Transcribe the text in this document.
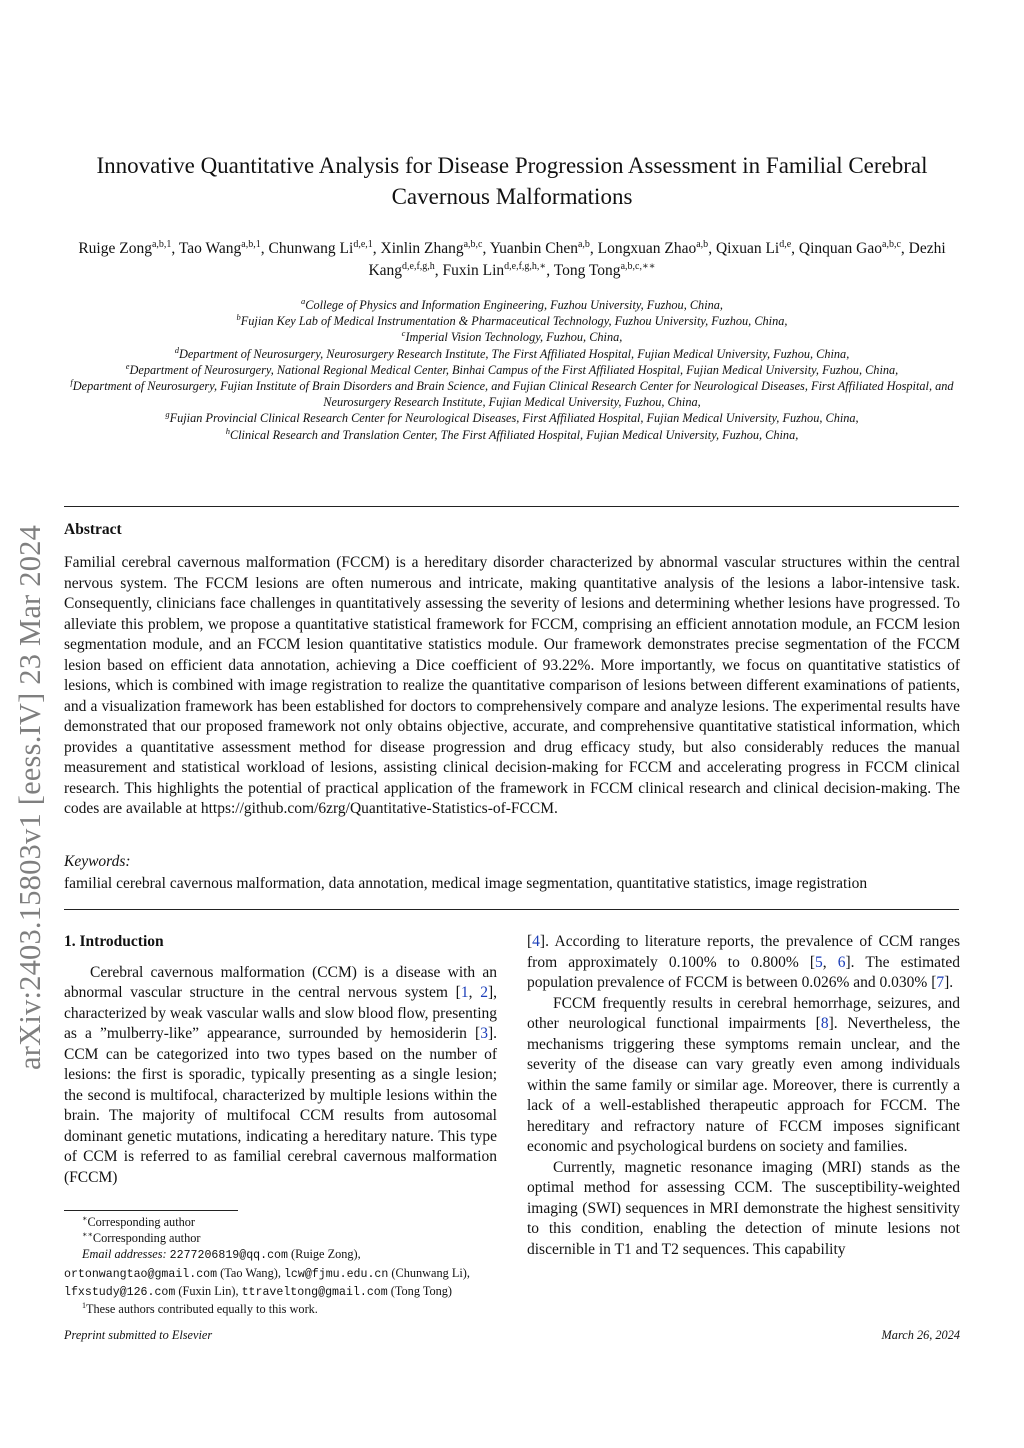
arXiv:2403.15803v1 [eess.IV] 23 Mar 2024
Innovative Quantitative Analysis for Disease Progression Assessment in Familial Cerebral Cavernous Malformations
Ruige Zong$^{a,b,1}$, Tao Wang$^{a,b,1}$, Chunwang Li$^{d,e,1}$, Xinlin Zhang$^{a,b,c}$, Yuanbin Chen$^{a,b}$, Longxuan Zhao$^{a,b}$, Qixuan Li$^{d,e}$, Qinquan Gao$^{a,b,c}$, Dezhi Kang$^{d,e,f,g,h}$, Fuxin Lin$^{d,e,f,g,h,∗}$, Tong Tong$^{a,b,c,∗∗}$
$^a$College of Physics and Information Engineering, Fuzhou University, Fuzhou, China,
$^b$Fujian Key Lab of Medical Instrumentation & Pharmaceutical Technology, Fuzhou University, Fuzhou, China,
$^c$Imperial Vision Technology, Fuzhou, China,
$^d$Department of Neurosurgery, Neurosurgery Research Institute, The First Affiliated Hospital, Fujian Medical University, Fuzhou, China,
$^e$Department of Neurosurgery, National Regional Medical Center, Binhai Campus of the First Affiliated Hospital, Fujian Medical University, Fuzhou, China,
$^f$Department of Neurosurgery, Fujian Institute of Brain Disorders and Brain Science, and Fujian Clinical Research Center for Neurological Diseases, First Affiliated Hospital, and Neurosurgery Research Institute, Fujian Medical University, Fuzhou, China,
$^g$Fujian Provincial Clinical Research Center for Neurological Diseases, First Affiliated Hospital, Fujian Medical University, Fuzhou, China,
$^h$Clinical Research and Translation Center, The First Affiliated Hospital, Fujian Medical University, Fuzhou, China,
Abstract
Familial cerebral cavernous malformation (FCCM) is a hereditary disorder characterized by abnormal vascular structures within the central nervous system. The FCCM lesions are often numerous and intricate, making quantitative analysis of the lesions a labor-intensive task. Consequently, clinicians face challenges in quantitatively assessing the severity of lesions and determining whether lesions have progressed. To alleviate this problem, we propose a quantitative statistical framework for FCCM, comprising an efficient annotation module, an FCCM lesion segmentation module, and an FCCM lesion quantitative statistics module. Our framework demonstrates precise segmentation of the FCCM lesion based on efficient data annotation, achieving a Dice coefficient of 93.22%. More importantly, we focus on quantitative statistics of lesions, which is combined with image registration to realize the quantitative comparison of lesions between different examinations of patients, and a visualization framework has been established for doctors to comprehensively compare and analyze lesions. The experimental results have demonstrated that our proposed framework not only obtains objective, accurate, and comprehensive quantitative statistical information, which provides a quantitative assessment method for disease progression and drug efficacy study, but also considerably reduces the manual measurement and statistical workload of lesions, assisting clinical decision-making for FCCM and accelerating progress in FCCM clinical research. This highlights the potential of practical application of the framework in FCCM clinical research and clinical decision-making. The codes are available at https://github.com/6zrg/Quantitative-Statistics-of-FCCM.
Keywords:
familial cerebral cavernous malformation, data annotation, medical image segmentation, quantitative statistics, image registration
1. Introduction

Cerebral cavernous malformation (CCM) is a disease with an abnormal vascular structure in the central nervous system [1, 2], characterized by weak vascular walls and slow blood flow, presenting as a ”mulberry-like” appearance, surrounded by hemosiderin [3]. CCM can be categorized into two types based on the number of lesions: the first is sporadic, typically presenting as a single lesion; the second is multifocal, characterized by multiple lesions within the brain. The majority of multifocal CCM results from autosomal dominant genetic mutations, indicating a hereditary nature. This type of CCM is referred to as familial cerebral cavernous malformation (FCCM)

[4]. According to literature reports, the prevalence of CCM ranges from approximately 0.100% to 0.800% [5, 6]. The estimated population prevalence of FCCM is between 0.026% and 0.030% [7].

FCCM frequently results in cerebral hemorrhage, seizures, and other neurological functional impairments [8]. Nevertheless, the mechanisms triggering these symptoms remain unclear, and the severity of the disease can vary greatly even among individuals within the same family or similar age. Moreover, there is currently a lack of a well-established therapeutic approach for FCCM. The hereditary and refractory nature of FCCM imposes significant economic and psychological burdens on society and families.

Currently, magnetic resonance imaging (MRI) stands as the optimal method for assessing CCM. The susceptibility-weighted imaging (SWI) sequences in MRI demonstrate the highest sensitivity to this condition, enabling the detection of minute lesions not discernible in T1 and T2 sequences. This capability

∗Corresponding author
∗∗Corresponding author
Email addresses: 2277206819@qq.com (Ruige Zong),
ortonwangtao@gmail.com (Tao Wang), lcw@fjmu.edu.cn (Chunwang Li),
lfxstudy@126.com (Fuxin Lin), ttraveltong@gmail.com (Tong Tong)
$^1$These authors contributed equally to this work.
Preprint submitted to Elsevier	March 26, 2024
